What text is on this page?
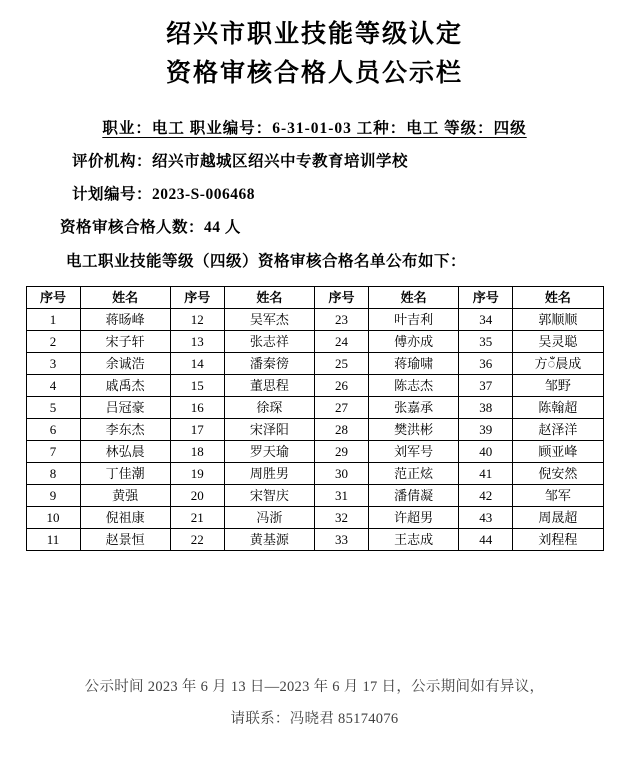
绍兴市职业技能等级认定
资格审核合格人员公示栏
职业：电工 职业编号：6-31-01-03 工种：电工 等级：四级
评价机构：绍兴市越城区绍兴中专教育培训学校
计划编号：2023-S-006468
资格审核合格人数：44 人
电工职业技能等级（四级）资格审核合格名单公布如下：
序号	姓名	序号	姓名	序号	姓名	序号	姓名
1	蒋旸峰	12	吴军杰	23	叶吉利	34	郭顺顺
2	宋子轩	13	张志祥	24	傅亦成	35	吴灵聪
3	余诚浩	14	潘秦徬	25	蒋瑜啸	36	方ँ晨成
4	戚禹杰	15	董思程	26	陈志杰	37	邹野
5	吕冠豪	16	徐琛	27	张嘉承	38	陈翰超
6	李东杰	17	宋泽阳	28	樊洪彬	39	赵泽洋
7	林弘晨	18	罗天瑜	29	刘军号	40	顾亚峰
8	丁佳潮	19	周胜男	30	范正炫	41	倪安然
9	黄强	20	宋智庆	31	潘倩凝	42	邹军
10	倪祖康	21	冯浙	32	许超男	43	周晟超
11	赵景恒	22	黄基源	33	王志成	44	刘程程
公示时间 2023 年 6 月 13 日—2023 年 6 月 17 日，公示期间如有异议，
请联系：冯晓君 85174076
